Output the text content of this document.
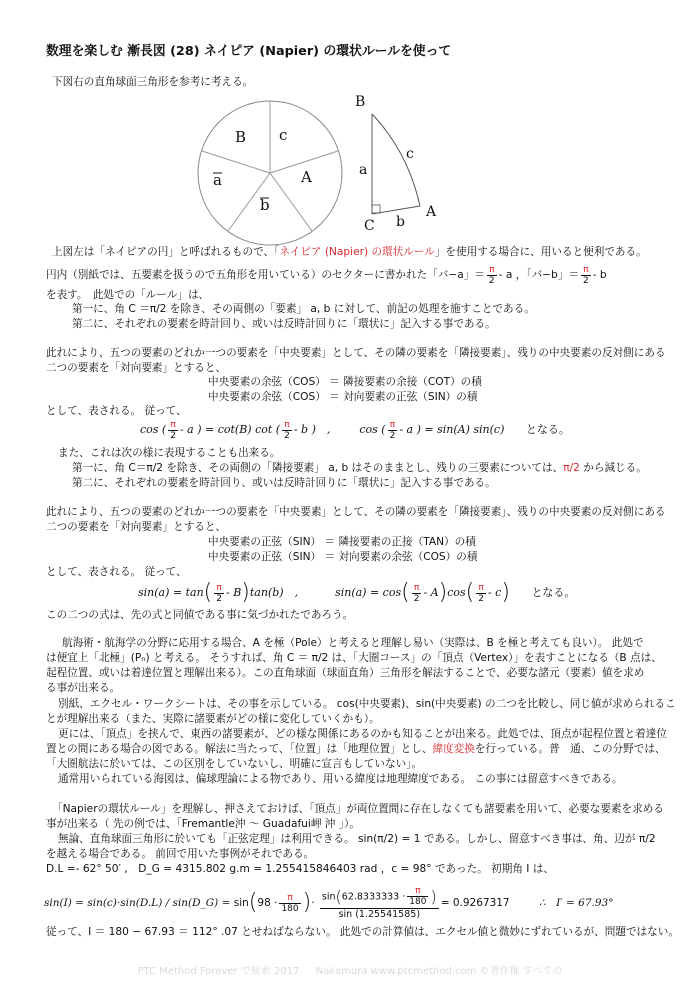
数理を楽しむ 漸長図 (28) ネイピア (Napier) の環状ルールを使って
下図右の直角球面三角形を参考に考える。
B c
a
b
A
B
a
c
C b
A
上図左は「ネイピアの円」と呼ばれるもので、「ネイピア (Napier) の環状ルール」を使用する場合に、用いると便利である。
円内（別紙では、五要素を扱うので五角形を用いている）のセクターに書かれた「バ−a」＝ $\frac{\pi}{2}$ - a ，「バ−b」＝ $\frac{\pi}{2}$ - b
を表す。　此処での「ルール」は、
第一に、角 C ＝π/2 を除き、その両側の「要素」 a, b に対して、前記の処理を施すことである。
第二に、それぞれの要素を時計回り、或いは反時計回りに「環状に」記入する事である。
此れにより、五つの要素のどれか一つの要素を「中央要素」として、その隣の要素を「隣接要素」、残りの中央要素の反対側にある
二つの要素を「対向要素」とすると、
中央要素の余弦（COS） ＝ 隣接要素の余接（COT）の積
中央要素の余弦（COS） ＝ 対向要素の正弦（SIN）の積
として、表される。 従って、
cos ( $\frac{\pi}{2}$ - a ) = cot(B) cot ( $\frac{\pi}{2}$ - b )　,	cos ( $\frac{\pi}{2}$ - a ) = sin(A) sin(c) となる。
また、これは次の様に表現することも出来る。
第一に、角 C＝π/2 を除き、その両側の「隣接要素」 a, b はそのままとし、残りの三要素については、π/2 から減じる。
第二に、それぞれの要素を時計回り、或いは反時計回りに「環状に」記入する事である。
此れにより、五つの要素のどれか一つの要素を「中央要素」として、その隣の要素を「隣接要素」、残りの中央要素の反対側にある
二つの要素を「対向要素」とすると、
中央要素の正弦（SIN） ＝ 隣接要素の正接（TAN）の積
中央要素の正弦（SIN） ＝ 対向要素の余弦（COS）の積
として、表される。 従って、
$\sin(a) = \tan( \frac{\pi}{2} - B)\tan(b)$　,	$\sin(a) = \cos( \frac{\pi}{2} - A)\cos( \frac{\pi}{2} - c)$ となる。
この二つの式は、先の式と同値である事に気づかれたであろう。
航海術・航海学の分野に応用する場合、A を極（Pole）と考えると理解し易い（実際は、B を極と考えても良い）。 此処で
は便宜上「北極」(Pₙ) と考える。 そうすれば、角 C ＝ π/2 は、「大圏コース」の「頂点（Vertex）」を表すことになる（B 点は、
起程位置、或いは着達位置と理解出来る）。この直角球面（球面直角）三角形を解法することで、必要な諸元（要素）値を求め
る事が出来る。
別紙、エクセル・ワークシートは、その事を示している。 cos(中央要素)、sin(中央要素) の二つを比較し、同じ値が求められるこ
とが理解出来る（また、実際に諸要素がどの様に変化していくかも）。
更には、「頂点」を挟んで、東西の諸要素が、どの様な関係にあるのかも知ることが出来る。此処では、頂点が起程位置と着達位
置との間にある場合の図である。解法に当たって、「位置」は「地理位置」とし、緯度変換を行っている。普　通、この分野では、
「大圏航法に於いては、この区別をしていないし、明確に宣言もしていない」。
通常用いられている海図は、偏球理論による物であり、用いる緯度は地理緯度である。 この事には留意すべきである。
「Napierの環状ルール」を理解し、押さえておけば、「頂点」が両位置間に存在しなくても諸要素を用いて、必要な要素を求める
事が出来る（ 先の例では、「Fremantle沖 ～ Guadafui岬 沖 」）。
無論、直角球面三角形に於いても「正弦定理」は利用できる。 sin(π/2) = 1 である。しかし、留意すべき事は、角、辺が π/2
を越える場合である。 前回で用いた事例がそれである。
D.L =- 62° 50′ ,　D_G = 4315.802 g.m = 1.255415846403 rad ，c = 98° であった。 初期角 I は、
sin(I) = sin(c)·sin(D.L) / sin(D_G) = $\sin(98 \cdot \frac{\pi}{180}$ )· $\frac{\sin(62.8333333 \cdot \frac{\pi}{180} )}{\sin (1.25541585)} = 0.9267317$	∴　I′ = 67.93°
従って、I ＝ 180 − 67.93 ＝ 112° .07 とせねばならない。 此処での計算値は、エクセル値と微妙にずれているが、問題ではない。
PTC Method Forever で検索 2017 　 Nakamura www.ptcmethod.com ©著作権 すべての
